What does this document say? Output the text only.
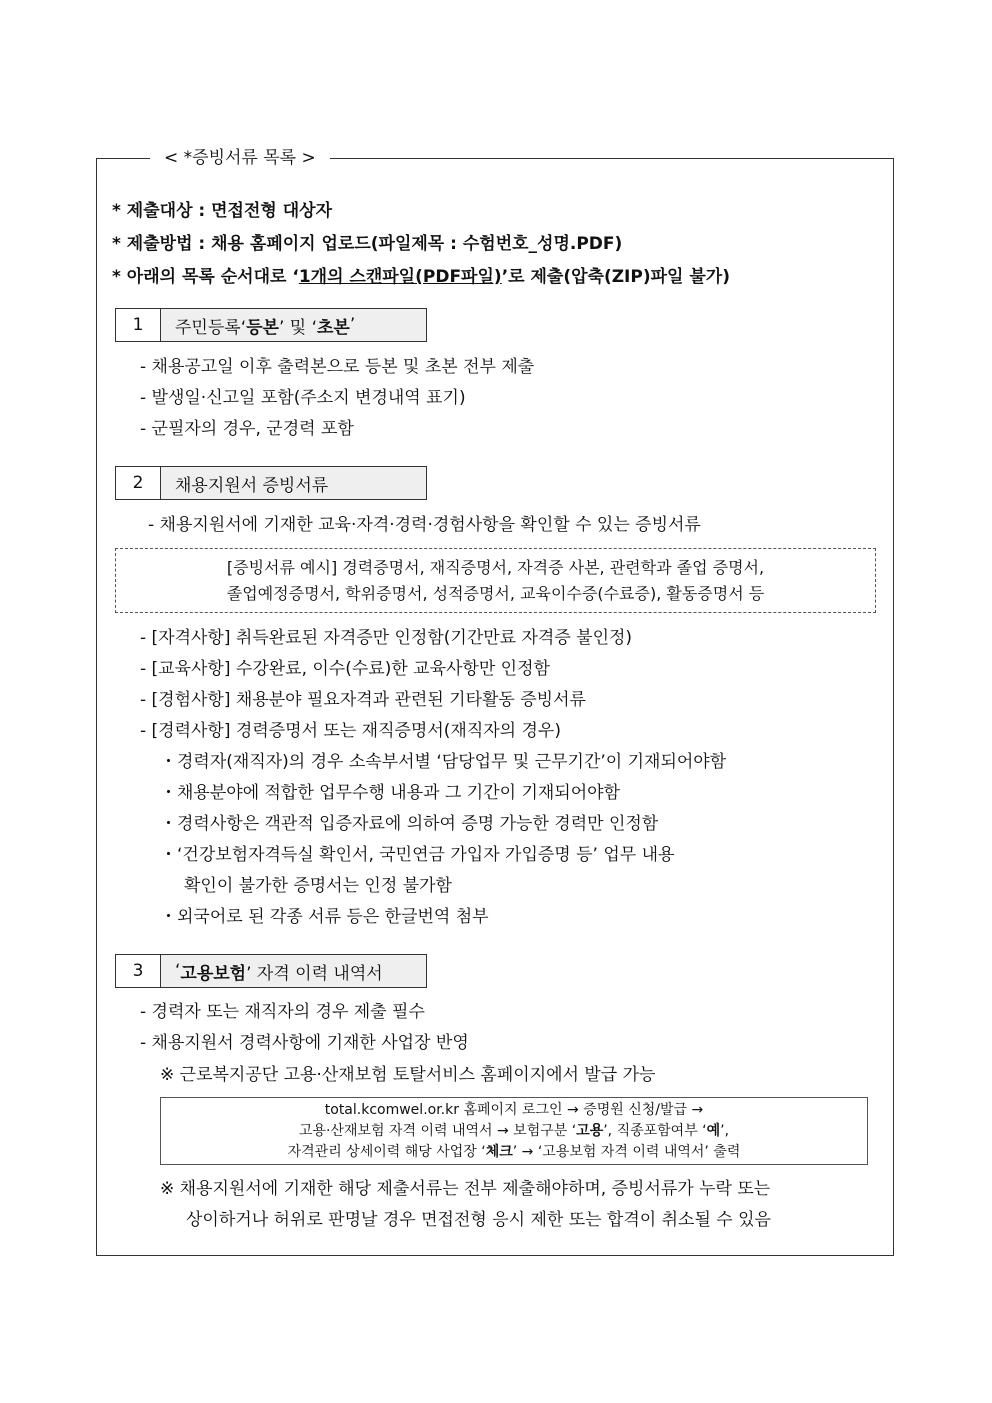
< *증빙서류 목록 >
* 제출대상 : 면접전형 대상자
* 제출방법 : 채용 홈페이지 업로드(파일제목 : 수험번호_성명.PDF)
* 아래의 목록 순서대로 ‘1개의 스캔파일(PDF파일)’로 제출(압축(ZIP)파일 불가)
1	주민등록‘ 등본 ’ 및 ‘ 초본 ’
- 채용공고일 이후 출력본으로 등본 및 초본 전부 제출
- 발생일·신고일 포함(주소지 변경내역 표기)
- 군필자의 경우, 군경력 포함
2	채용지원서 증빙서류
- 채용지원서에 기재한 교육·자격·경력·경험사항을 확인할 수 있는 증빙서류
[증빙서류 예시] 경력증명서, 재직증명서, 자격증 사본, 관련학과 졸업 증명서,
졸업예정증명서, 학위증명서, 성적증명서, 교육이수증(수료증), 활동증명서 등
- [자격사항] 취득완료된 자격증만 인정함(기간만료 자격증 불인정)
- [교육사항] 수강완료, 이수(수료)한 교육사항만 인정함
- [경험사항] 채용분야 필요자격과 관련된 기타활동 증빙서류
- [경력사항] 경력증명서 또는 재직증명서(재직자의 경우)
・경력자(재직자)의 경우 소속부서별 ‘담당업무 및 근무기간’이 기재되어야함
・채용분야에 적합한 업무수행 내용과 그 기간이 기재되어야함
・경력사항은 객관적 입증자료에 의하여 증명 가능한 경력만 인정함
・‘건강보험자격득실 확인서, 국민연금 가입자 가입증명 등’ 업무 내용
확인이 불가한 증명서는 인정 불가함
・외국어로 된 각종 서류 등은 한글번역 첨부
3	‘ 고용보험 ’ 자격 이력 내역서
- 경력자 또는 재직자의 경우 제출 필수
- 채용지원서 경력사항에 기재한 사업장 반영
※ 근로복지공단 고용·산재보험 토탈서비스 홈페이지에서 발급 가능
total.kcomwel.or.kr 홈페이지 로그인 → 증명원 신청/발급 →
고용·산재보험 자격 이력 내역서 → 보험구분 ‘고용’, 직종포함여부 ‘예’,
자격관리 상세이력 해당 사업장 ‘체크’ → ‘고용보험 자격 이력 내역서’ 출력
※ 채용지원서에 기재한 해당 제출서류는 전부 제출해야하며, 증빙서류가 누락 또는
상이하거나 허위로 판명날 경우 면접전형 응시 제한 또는 합격이 취소될 수 있음
